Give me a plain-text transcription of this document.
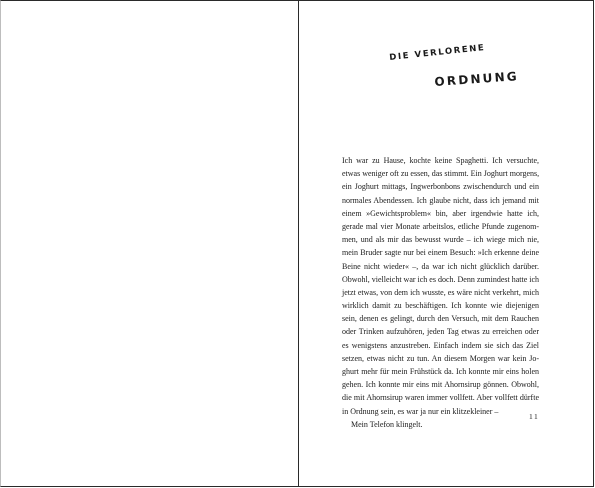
DIE VERLORENE
ORDNUNG
Ich war zu Hause, kochte keine Spaghetti. Ich versuchte,
etwas weniger oft zu essen, das stimmt. Ein Joghurt morgens,
ein Joghurt mittags, Ingwerbonbons zwischendurch und ein
normales Abendessen. Ich glaube nicht, dass ich jemand mit
einem »Gewichtsproblem« bin, aber irgendwie hatte ich,
gerade mal vier Monate arbeitslos, etliche Pfunde zugenom-
men, und als mir das bewusst wurde – ich wiege mich nie,
mein Bruder sagte nur bei einem Besuch: »Ich erkenne deine
Beine nicht wieder« –, da war ich nicht glücklich darüber.
Obwohl, vielleicht war ich es doch. Denn zumindest hatte ich
jetzt etwas, von dem ich wusste, es wäre nicht verkehrt, mich
wirklich damit zu beschäftigen. Ich konnte wie diejenigen
sein, denen es gelingt, durch den Versuch, mit dem Rauchen
oder Trinken aufzuhören, jeden Tag etwas zu erreichen oder
es wenigstens anzustreben. Einfach indem sie sich das Ziel
setzen, etwas nicht zu tun. An diesem Morgen war kein Jo-
ghurt mehr für mein Frühstück da. Ich konnte mir eins holen
gehen. Ich konnte mir eins mit Ahornsirup gönnen. Obwohl,
die mit Ahornsirup waren immer vollfett. Aber vollfett dürfte
in Ordnung sein, es war ja nur ein klitzekleiner –
Mein Telefon klingelt.
11
